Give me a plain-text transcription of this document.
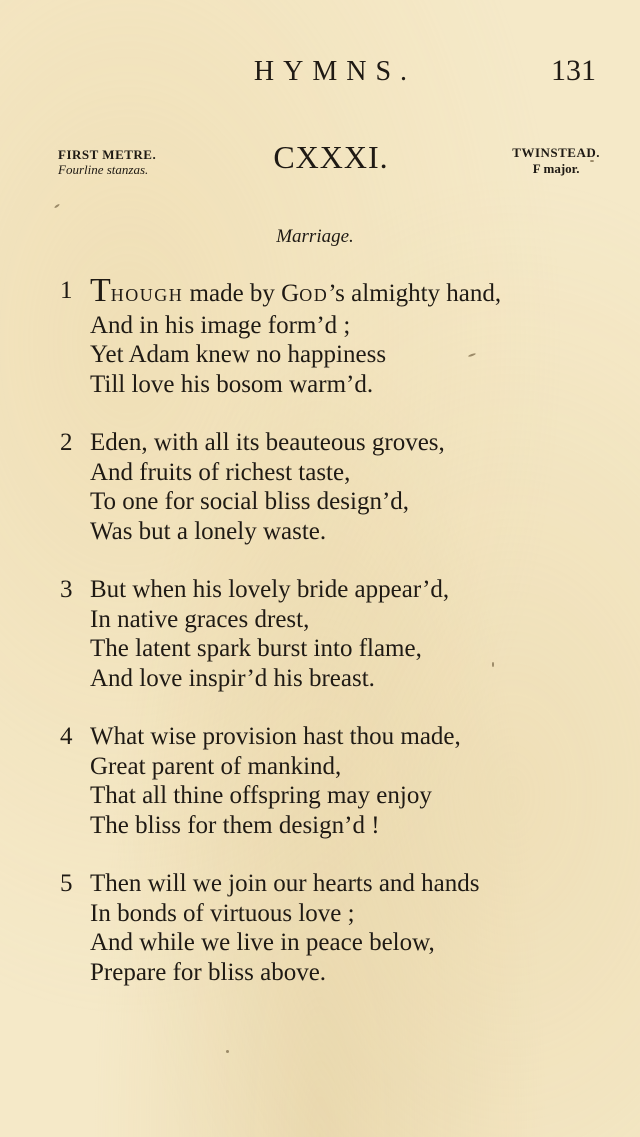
HYMNS.	131
FIRST METRE.
Fourline stanzas.	CXXXI.	TWINSTEAD.
F major.
Marriage.
1 THOUGH made by GOD’s almighty hand,
And in his image form’d ;
Yet Adam knew no happiness
Till love his bosom warm’d.
2 Eden, with all its beauteous groves,
And fruits of richest taste,
To one for social bliss design’d,
Was but a lonely waste.
3 But when his lovely bride appear’d,
In native graces drest,
The latent spark burst into flame,
And love inspir’d his breast.
4 What wise provision hast thou made,
Great parent of mankind,
That all thine offspring may enjoy
The bliss for them design’d !
5 Then will we join our hearts and hands
In bonds of virtuous love ;
And while we live in peace below,
Prepare for bliss above.
